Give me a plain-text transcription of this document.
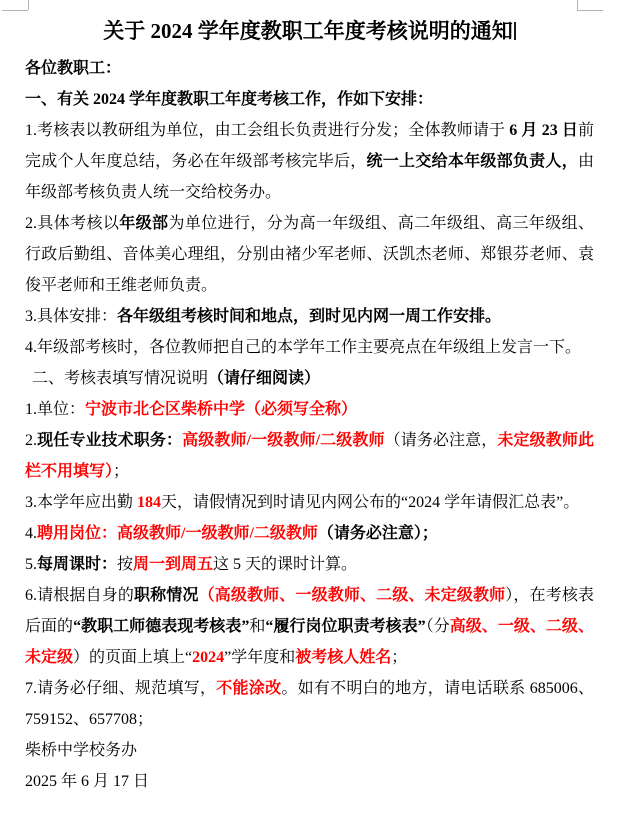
关于 2024 学年度教职工年度考核说明的通知

各位教职工：

一、有关 2024 学年度教职工年度考核工作，作如下安排：

1.考核表以教研组为单位，由工会组长负责进行分发；全体教师请于 6 月 23 日前完成个人年度总结，务必在年级部考核完毕后，统一上交给本年级部负责人，由年级部考核负责人统一交给校务办。

2.具体考核以年级部为单位进行，分为高一年级组、高二年级组、高三年级组、行政后勤组、音体美心理组，分别由褚少军老师、沃凯杰老师、郑银芬老师、袁俊平老师和王维老师负责。

3.具体安排：各年级组考核时间和地点，到时见内网一周工作安排。

4.年级部考核时，各位教师把自己的本学年工作主要亮点在年级组上发言一下。

二、考核表填写情况说明（请仔细阅读）

1.单位：宁波市北仑区柴桥中学（必须写全称）

2.现任专业技术职务：高级教师/一级教师/二级教师（请务必注意，未定级教师此栏不用填写）；

3.本学年应出勤 184天，请假情况到时请见内网公布的“2024 学年请假汇总表”。

4.聘用岗位：高级教师/一级教师/二级教师（请务必注意）；

5.每周课时：按周一到周五这 5 天的课时计算。

6.请根据自身的职称情况（高级教师、一级教师、二级、未定级教师），在考核表后面的“教职工师德表现考核表”和“履行岗位职责考核表”（分高级、一级、二级、未定级）的页面上填上“2024”学年度和被考核人姓名；

7.请务必仔细、规范填写，不能涂改。如有不明白的地方，请电话联系 685006、759152、657708；

柴桥中学校务办

2025 年 6 月 17 日
